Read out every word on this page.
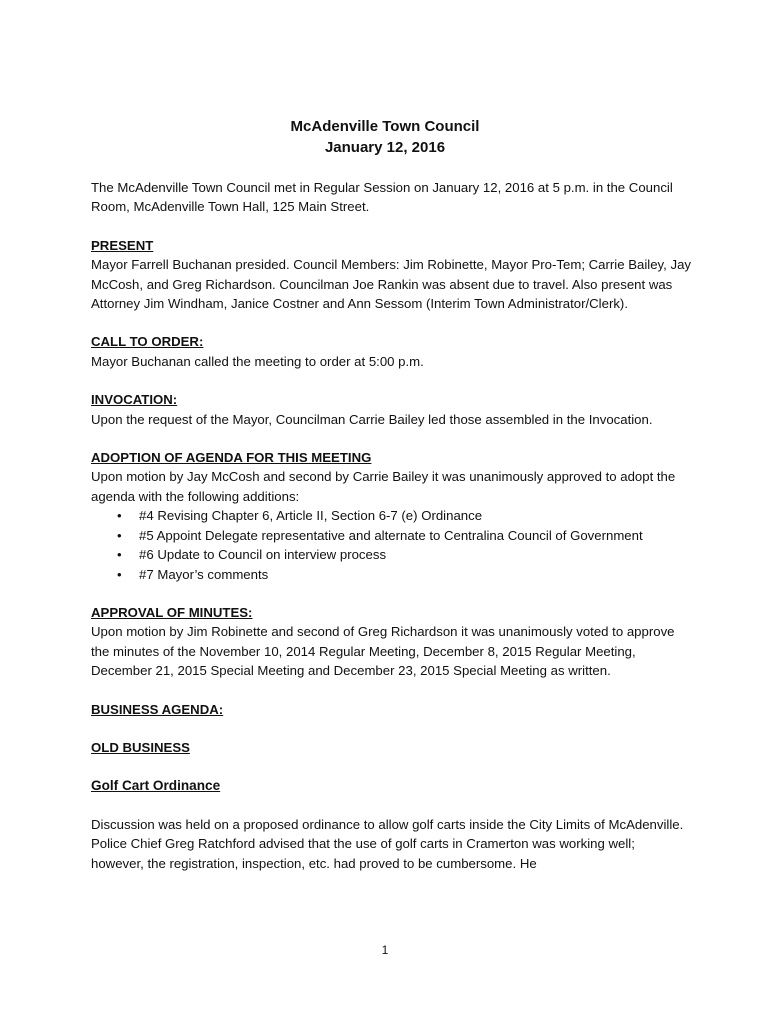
McAdenville Town Council
January 12, 2016

The McAdenville Town Council met in Regular Session on January 12, 2016 at 5 p.m. in the Council Room, McAdenville Town Hall, 125 Main Street.

PRESENT

Mayor Farrell Buchanan presided. Council Members: Jim Robinette, Mayor Pro-Tem; Carrie Bailey, Jay McCosh, and Greg Richardson. Councilman Joe Rankin was absent due to travel. Also present was Attorney Jim Windham, Janice Costner and Ann Sessom (Interim Town Administrator/Clerk).

CALL TO ORDER:

Mayor Buchanan called the meeting to order at 5:00 p.m.

INVOCATION:

Upon the request of the Mayor, Councilman Carrie Bailey led those assembled in the Invocation.

ADOPTION OF AGENDA FOR THIS MEETING

Upon motion by Jay McCosh and second by Carrie Bailey it was unanimously approved to adopt the agenda with the following additions:

• #4 Revising Chapter 6, Article II, Section 6-7 (e) Ordinance
• #5 Appoint Delegate representative and alternate to Centralina Council of Government
• #6 Update to Council on interview process
• #7 Mayor’s comments

APPROVAL OF MINUTES:

Upon motion by Jim Robinette and second of Greg Richardson it was unanimously voted to approve the minutes of the November 10, 2014 Regular Meeting, December 8, 2015 Regular Meeting, December 21, 2015 Special Meeting and December 23, 2015 Special Meeting as written.

BUSINESS AGENDA:

OLD BUSINESS

Golf Cart Ordinance

Discussion was held on a proposed ordinance to allow golf carts inside the City Limits of McAdenville. Police Chief Greg Ratchford advised that the use of golf carts in Cramerton was working well; however, the registration, inspection, etc. had proved to be cumbersome. He

1
